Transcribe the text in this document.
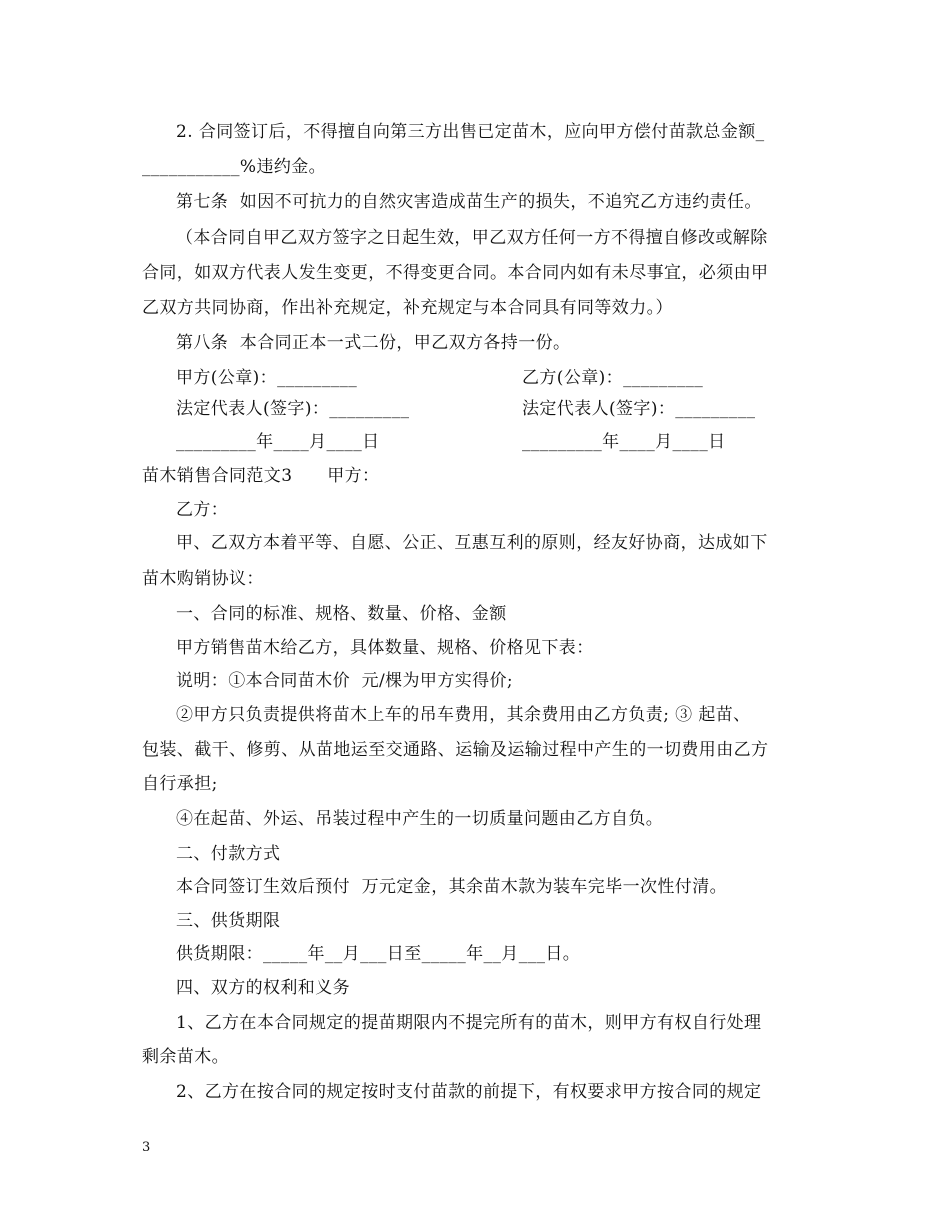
2. 合同签订后，不得擅自向第三方出售已定苗木，应向甲方偿付苗款总金额_
___________%违约金。
第七条  如因不可抗力的自然灾害造成苗生产的损失，不追究乙方违约责任。
（本合同自甲乙双方签字之日起生效，甲乙双方任何一方不得擅自修改或解除
合同，如双方代表人发生变更，不得变更合同。本合同内如有未尽事宜，必须由甲
乙双方共同协商，作出补充规定，补充规定与本合同具有同等效力。）
第八条  本合同正本一式二份，甲乙双方各持一份。
甲方(公章)：_________	乙方(公章)：_________
法定代表人(签字)：_________	法定代表人(签字)：_________
_________年____月____日	_________年____月____日
苗木销售合同范文3      甲方：
乙方：
甲、乙双方本着平等、自愿、公正、互惠互利的原则，经友好协商，达成如下
苗木购销协议：
一、合同的标准、规格、数量、价格、金额
甲方销售苗木给乙方，具体数量、规格、价格见下表：
说明：①本合同苗木价  元/棵为甲方实得价;
②甲方只负责提供将苗木上车的吊车费用，其余费用由乙方负责; ③ 起苗、
包装、截干、修剪、从苗地运至交通路、运输及运输过程中产生的一切费用由乙方
自行承担;
④在起苗、外运、吊装过程中产生的一切质量问题由乙方自负。
二、付款方式
本合同签订生效后预付  万元定金，其余苗木款为装车完毕一次性付清。
三、供货期限
供货期限：_____年__月___日至_____年__月___日。
四、双方的权利和义务
1、乙方在本合同规定的提苗期限内不提完所有的苗木，则甲方有权自行处理
剩余苗木。
2、乙方在按合同的规定按时支付苗款的前提下，有权要求甲方按合同的规定
3
